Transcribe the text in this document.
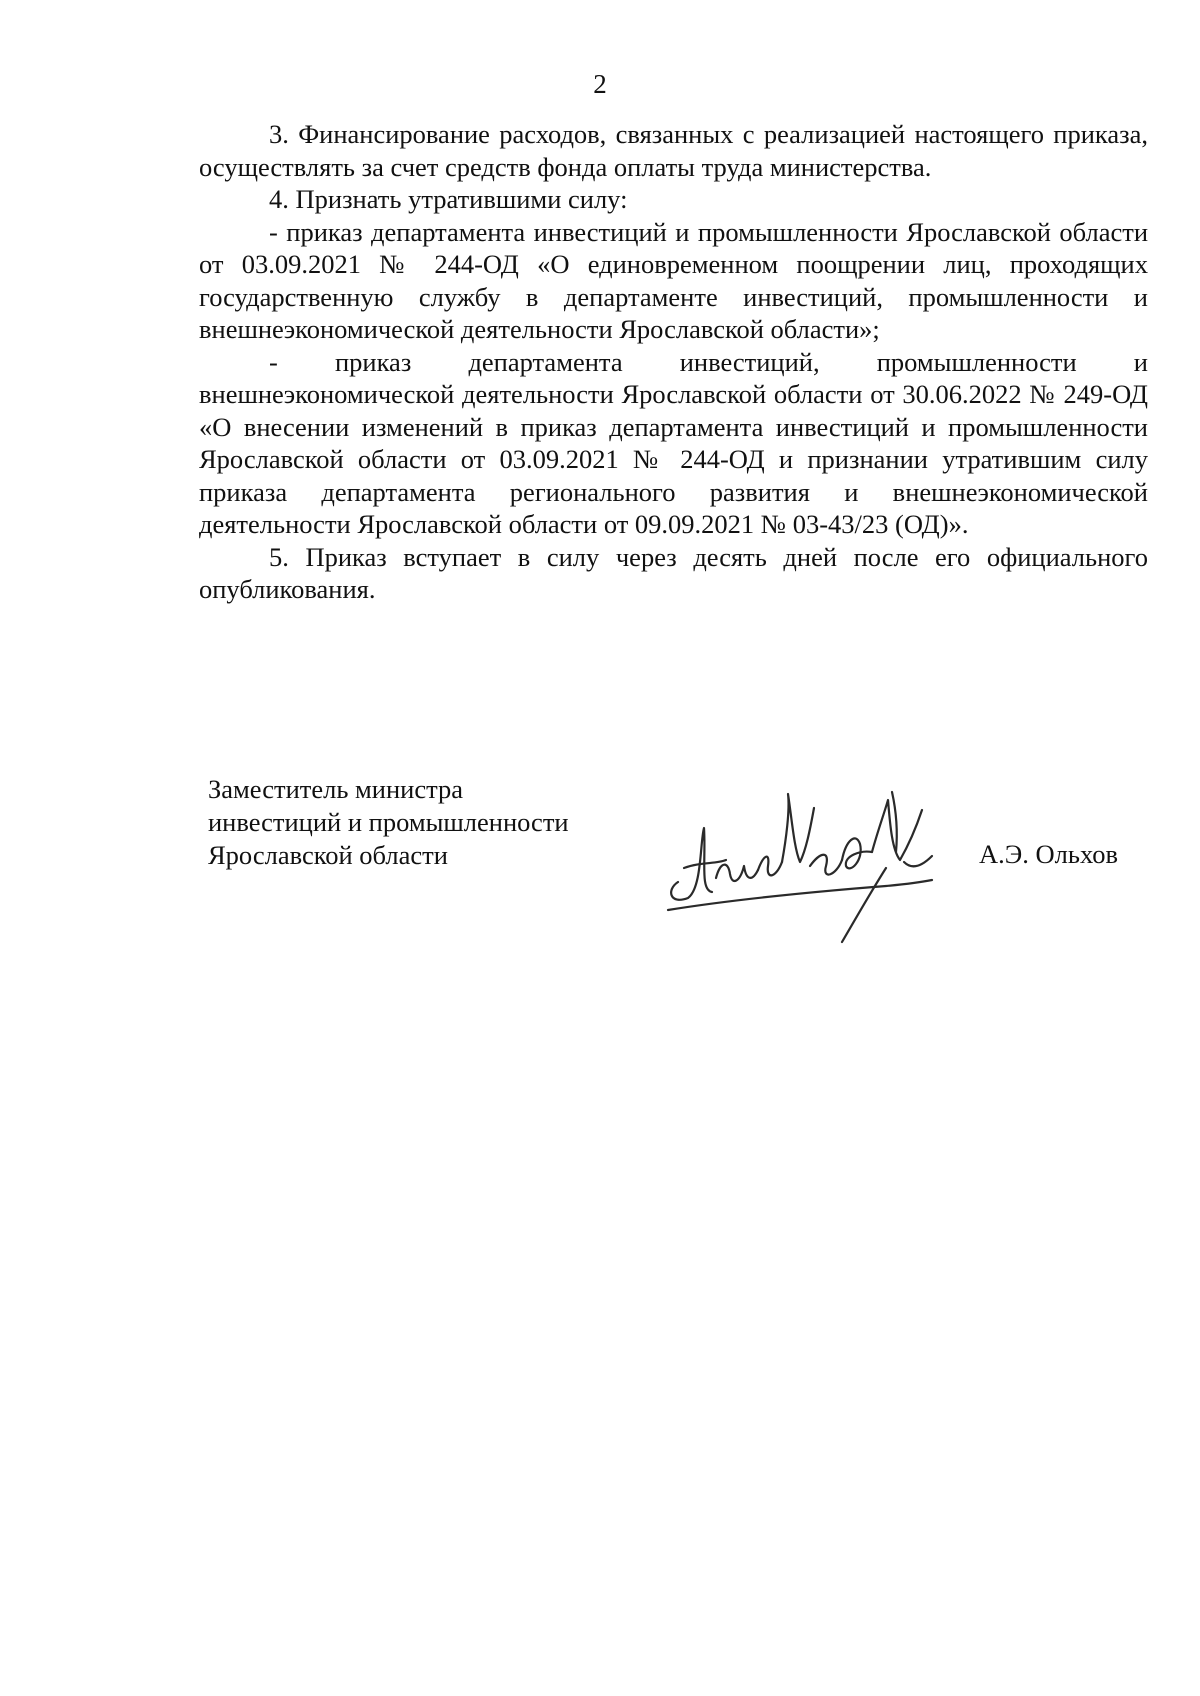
2

3. Финансирование расходов, связанных с реализацией настоящего приказа, осуществлять за счет средств фонда оплаты труда министерства.

4. Признать утратившими силу:

- приказ департамента инвестиций и промышленности Ярославской области от 03.09.2021 № 244-ОД «О единовременном поощрении лиц, проходящих государственную службу в департаменте инвестиций, промышленности и внешнеэкономической деятельности Ярославской области»;

- приказ департамента инвестиций, промышленности и внешнеэкономической деятельности Ярославской области от 30.06.2022 № 249-ОД «О внесении изменений в приказ департамента инвестиций и промышленности Ярославской области от 03.09.2021 № 244-ОД и признании утратившим силу приказа департамента регионального развития и внешнеэкономической деятельности Ярославской области от 09.09.2021 № 03-43/23 (ОД)».

5. Приказ вступает в силу через десять дней после его официального опубликования.

Заместитель министра
инвестиций и промышленности
Ярославской области	А.Э. Ольхов
